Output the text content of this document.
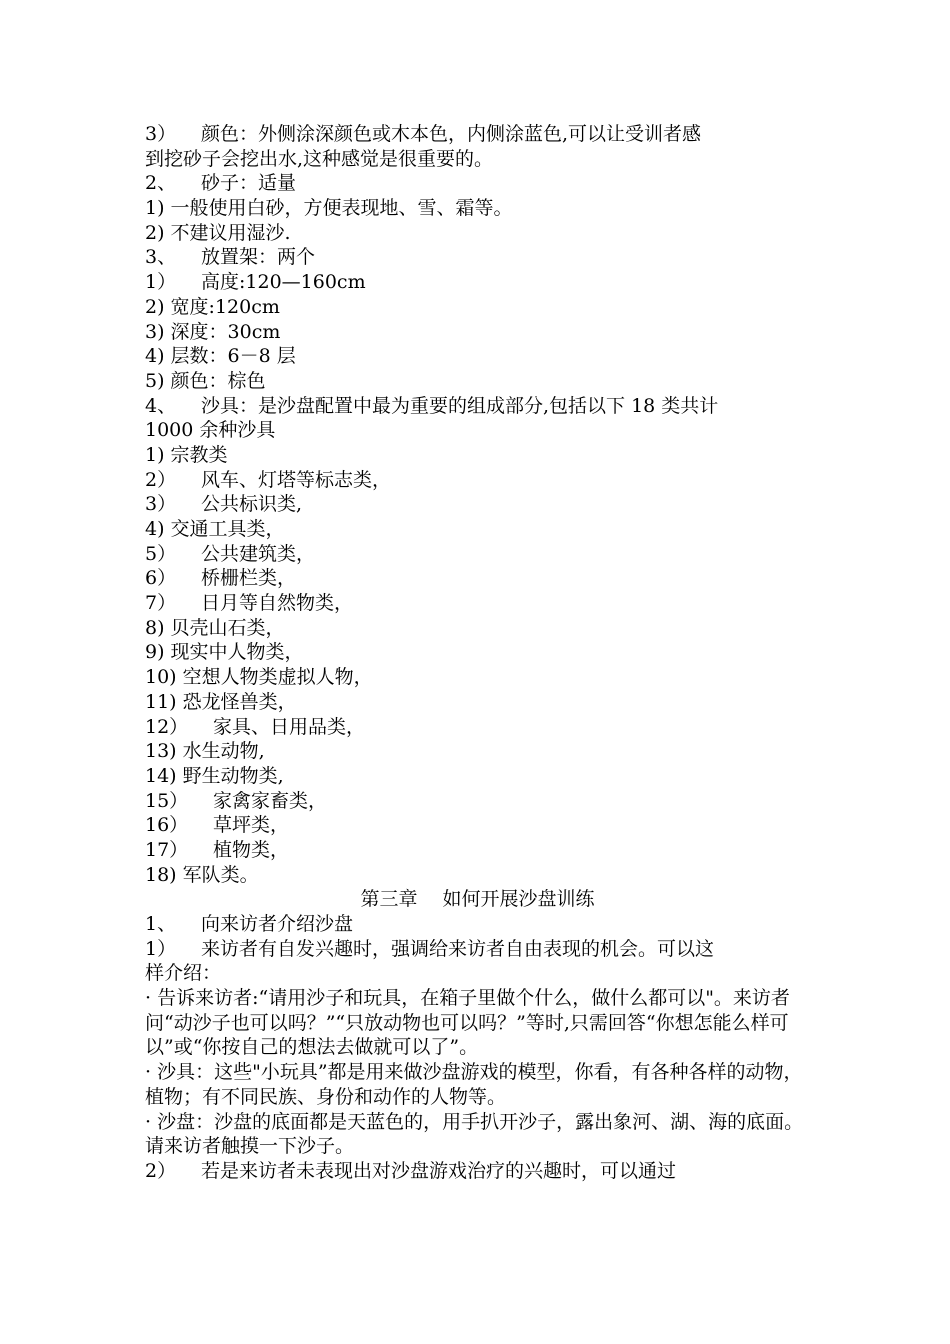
3） 颜色：外侧涂深颜色或木本色，内侧涂蓝色,可以让受训者感
到挖砂子会挖出水,这种感觉是很重要的。
2、 砂子：适量
1) 一般使用白砂，方便表现地、雪、霜等。
2) 不建议用湿沙.
3、 放置架：两个
1） 高度:120—160cm
2) 宽度:120cm
3) 深度：30cm
4) 层数：6－8 层
5) 颜色：棕色
4、 沙具：是沙盘配置中最为重要的组成部分,包括以下 18 类共计
1000 余种沙具
1) 宗教类
2） 风车、灯塔等标志类，
3） 公共标识类,
4) 交通工具类，
5） 公共建筑类，
6） 桥栅栏类，
7） 日月等自然物类，
8) 贝壳山石类，
9) 现实中人物类，
10) 空想人物类虚拟人物，
11) 恐龙怪兽类，
12） 家具、日用品类，
13) 水生动物,
14) 野生动物类,
15） 家禽家畜类，
16） 草坪类，
17） 植物类，
18) 军队类。
第三章　 如何开展沙盘训练
1、 向来访者介绍沙盘
1） 来访者有自发兴趣时，强调给来访者自由表现的机会。可以这
样介绍：
· 告诉来访者:“请用沙子和玩具，在箱子里做个什么，做什么都可以"。来访者问“动沙子也可以吗？”“只放动物也可以吗？”等时,只需回答“你想怎能么样可以”或“你按自己的想法去做就可以了”。
· 沙具：这些"小玩具”都是用来做沙盘游戏的模型，你看，有各种各样的动物，植物；有不同民族、身份和动作的人物等。
· 沙盘：沙盘的底面都是天蓝色的，用手扒开沙子，露出象河、湖、海的底面。请来访者触摸一下沙子。
2） 若是来访者未表现出对沙盘游戏治疗的兴趣时，可以通过
